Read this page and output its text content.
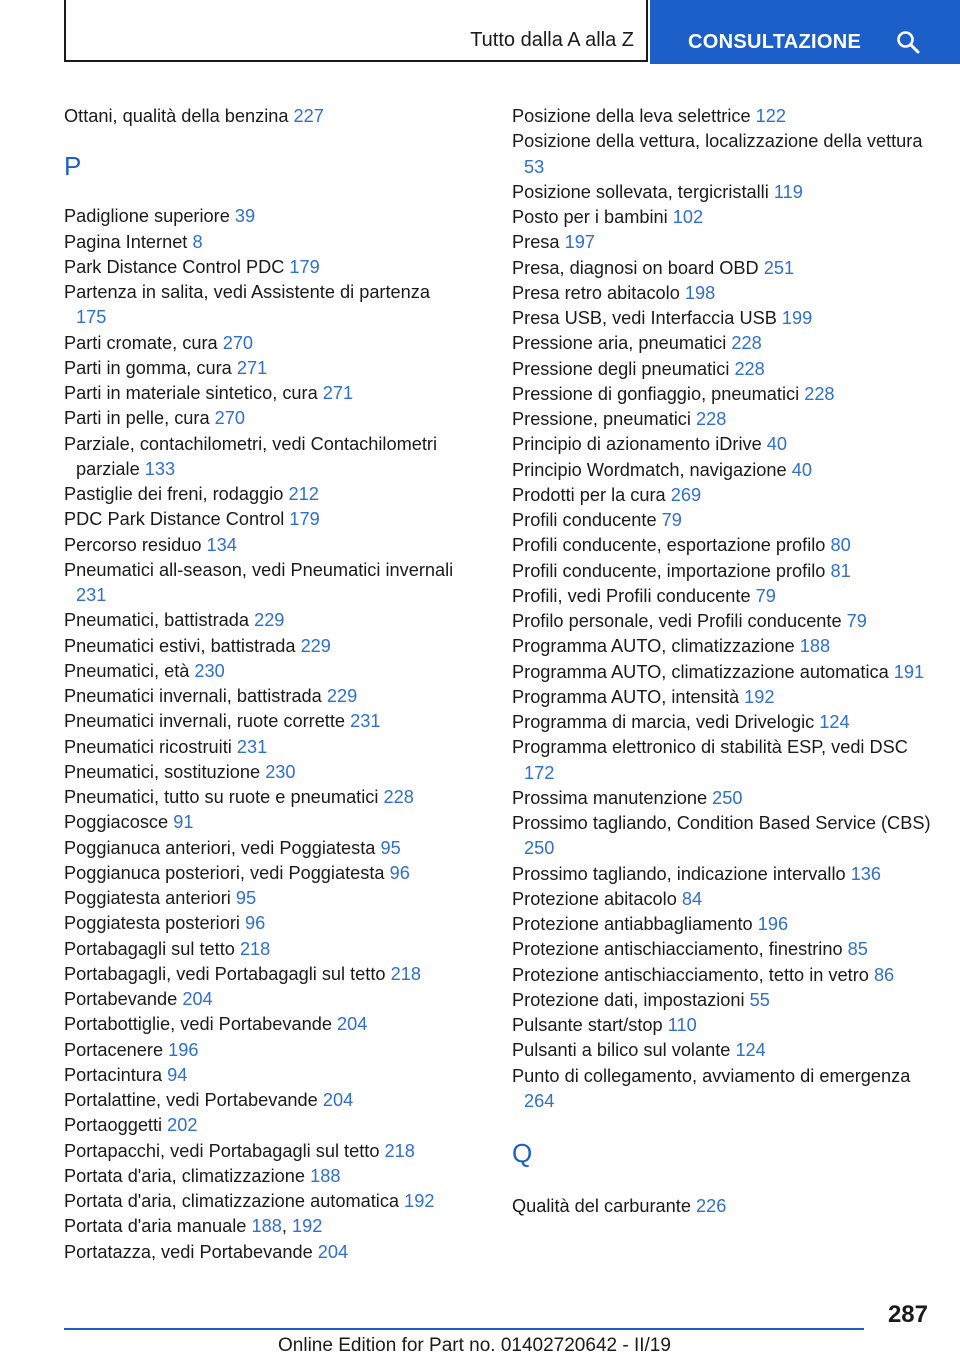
Tutto dalla A alla Z	CONSULTAZIONE
Ottani, qualità della benzina 227
P
Padiglione superiore 39
Pagina Internet 8
Park Distance Control PDC 179
Partenza in salita, vedi Assistente di partenza 175
Parti cromate, cura 270
Parti in gomma, cura 271
Parti in materiale sintetico, cura 271
Parti in pelle, cura 270
Parziale, contachilometri, vedi Contachilometri parziale 133
Pastiglie dei freni, rodaggio 212
PDC Park Distance Control 179
Percorso residuo 134
Pneumatici all-season, vedi Pneumatici invernali 231
Pneumatici, battistrada 229
Pneumatici estivi, battistrada 229
Pneumatici, età 230
Pneumatici invernali, battistrada 229
Pneumatici invernali, ruote corrette 231
Pneumatici ricostruiti 231
Pneumatici, sostituzione 230
Pneumatici, tutto su ruote e pneumatici 228
Poggiacosce 91
Poggianuca anteriori, vedi Poggiatesta 95
Poggianuca posteriori, vedi Poggiatesta 96
Poggiatesta anteriori 95
Poggiatesta posteriori 96
Portabagagli sul tetto 218
Portabagagli, vedi Portabagagli sul tetto 218
Portabevande 204
Portabottiglie, vedi Portabevande 204
Portacenere 196
Portacintura 94
Portalattine, vedi Portabevande 204
Portaoggetti 202
Portapacchi, vedi Portabagagli sul tetto 218
Portata d'aria, climatizzazione 188
Portata d'aria, climatizzazione automatica 192
Portata d'aria manuale 188, 192
Portatazza, vedi Portabevande 204
Posizione della leva selettrice 122
Posizione della vettura, localizzazione della vettura 53
Posizione sollevata, tergicristalli 119
Posto per i bambini 102
Presa 197
Presa, diagnosi on board OBD 251
Presa retro abitacolo 198
Presa USB, vedi Interfaccia USB 199
Pressione aria, pneumatici 228
Pressione degli pneumatici 228
Pressione di gonfiaggio, pneumatici 228
Pressione, pneumatici 228
Principio di azionamento iDrive 40
Principio Wordmatch, navigazione 40
Prodotti per la cura 269
Profili conducente 79
Profili conducente, esportazione profilo 80
Profili conducente, importazione profilo 81
Profili, vedi Profili conducente 79
Profilo personale, vedi Profili conducente 79
Programma AUTO, climatizzazione 188
Programma AUTO, climatizzazione automatica 191
Programma AUTO, intensità 192
Programma di marcia, vedi Drivelogic 124
Programma elettronico di stabilità ESP, vedi DSC 172
Prossima manutenzione 250
Prossimo tagliando, Condition Based Service (CBS) 250
Prossimo tagliando, indicazione intervallo 136
Protezione abitacolo 84
Protezione antiabbagliamento 196
Protezione antischiacciamento, finestrino 85
Protezione antischiacciamento, tetto in vetro 86
Protezione dati, impostazioni 55
Pulsante start/stop 110
Pulsanti a bilico sul volante 124
Punto di collegamento, avviamento di emergenza 264
Q
Qualità del carburante 226
287
Online Edition for Part no. 01402720642 - II/19
